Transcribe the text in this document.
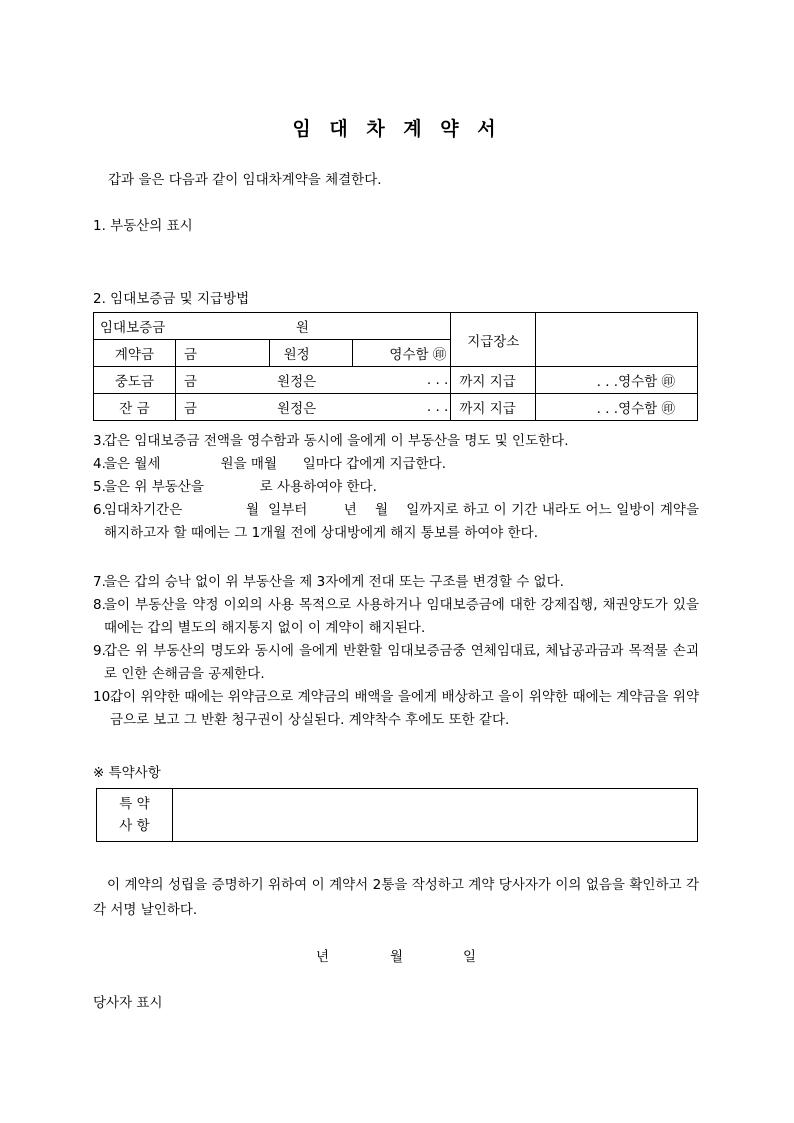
임 대 차 계 약 서
갑과 을은 다음과 같이 임대차계약을 체결한다.
1. 부동산의 표시
2. 임대보증금 및 지급방법
임대보증금 원				지급장소	
계약금	금	원정	영수함 ㊞		
중도금	금	원정은	. . .	까지 지급	. . .영수함 ㊞
잔 금	금	원정은	. . .	까지 지급	. . .영수함 ㊞
3.
갑은 임대보증금 전액을 영수함과 동시에 을에게 이 부동산을 명도 및 인도한다.
4.
을은 월세              원을 매월      일마다 갑에게 지급한다.
5.
을은 위 부동산을             로 사용하여야 한다.
6.
임대차기간은              월  일부터        년    월    일까지로 하고 이 기간 내라도 어느 일방이 계약을 해지하고자 할 때에는 그 1개월 전에 상대방에게 해지 통보를 하여야 한다.
7.
을은 갑의 승낙 없이 위 부동산을 제 3자에게 전대 또는 구조를 변경할 수 없다.
8.
을이 부동산을 약정 이외의 사용 목적으로 사용하거나 임대보증금에 대한 강제집행, 채권양도가 있을 때에는 갑의 별도의 해지통지 없이 이 계약이 해지된다.
9.
갑은 위 부동산의 명도와 동시에 을에게 반환할 임대보증금중 연체임대료, 체납공과금과 목적물 손괴로 인한 손해금을 공제한다.
10.
갑이 위약한 때에는 위약금으로 계약금의 배액을 을에게 배상하고 을이 위약한 때에는 계약금을 위약금으로 보고 그 반환 청구권이 상실된다. 계약착수 후에도 또한 같다.
※ 특약사항
특 약
사 항

이 계약의 성립을 증명하기 위하여 이 계약서 2통을 작성하고 계약 당사자가 이의 없음을 확인하고 각각 서명 날인하다.
년	월	일
당사자 표시
